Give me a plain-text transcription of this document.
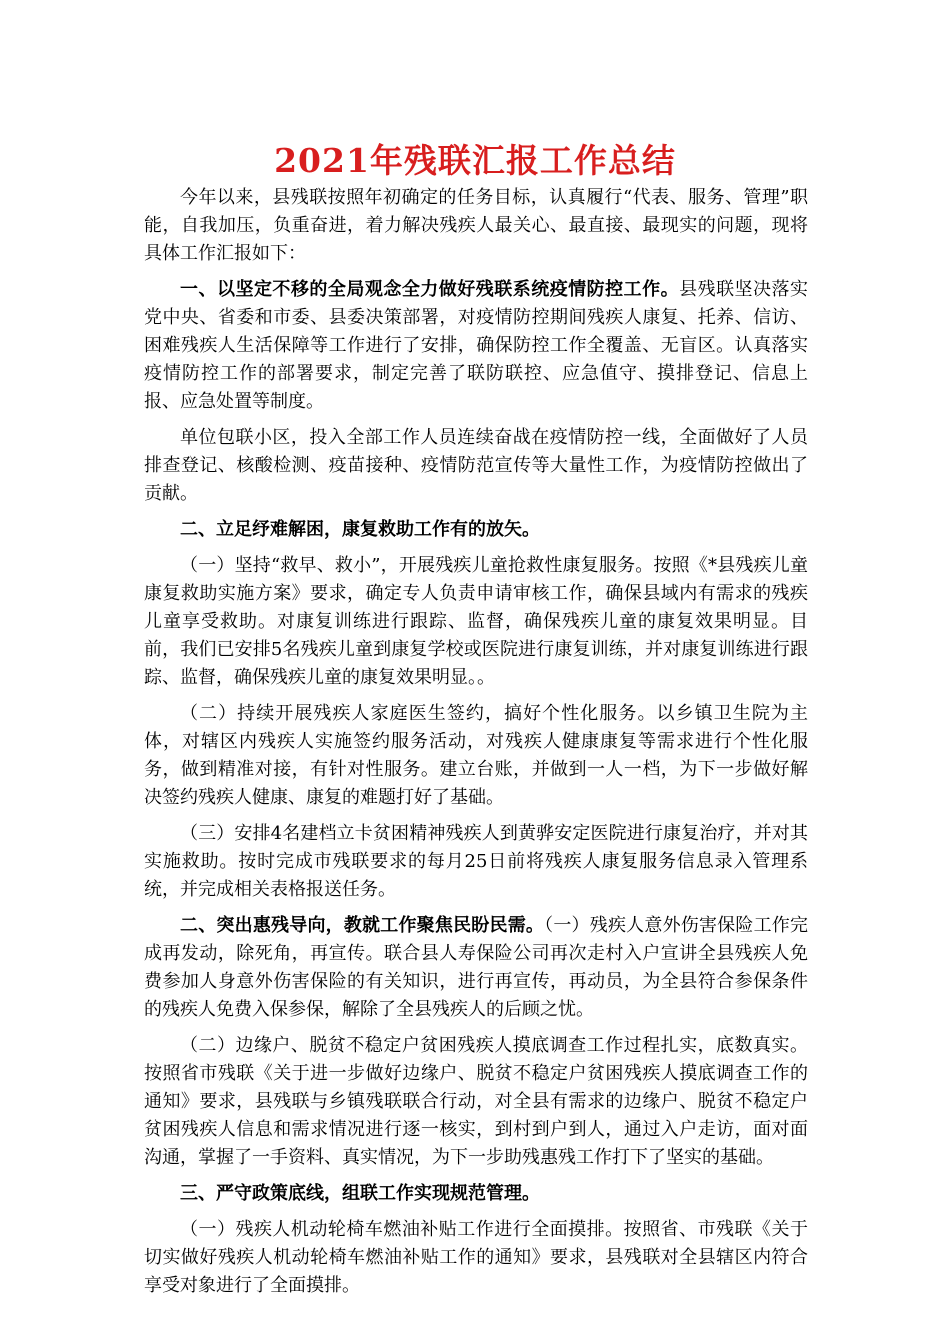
2021年残联汇报工作总结

今年以来，县残联按照年初确定的任务目标，认真履行“代表、服务、管理”职能，自我加压，负重奋进，着力解决残疾人最关心、最直接、最现实的问题，现将具体工作汇报如下：

一、以坚定不移的全局观念全力做好残联系统疫情防控工作。县残联坚决落实党中央、省委和市委、县委决策部署，对疫情防控期间残疾人康复、托养、信访、困难残疾人生活保障等工作进行了安排，确保防控工作全覆盖、无盲区。认真落实疫情防控工作的部署要求，制定完善了联防联控、应急值守、摸排登记、信息上报、应急处置等制度。

单位包联小区，投入全部工作人员连续奋战在疫情防控一线，全面做好了人员排查登记、核酸检测、疫苗接种、疫情防范宣传等大量性工作，为疫情防控做出了贡献。

二、立足纾难解困，康复救助工作有的放矢。

（一）坚持“救早、救小”，开展残疾儿童抢救性康复服务。按照《*县残疾儿童康复救助实施方案》要求，确定专人负责申请审核工作，确保县域内有需求的残疾儿童享受救助。对康复训练进行跟踪、监督，确保残疾儿童的康复效果明显。目前，我们已安排5名残疾儿童到康复学校或医院进行康复训练，并对康复训练进行跟踪、监督，确保残疾儿童的康复效果明显。。

（二）持续开展残疾人家庭医生签约，搞好个性化服务。以乡镇卫生院为主体，对辖区内残疾人实施签约服务活动，对残疾人健康康复等需求进行个性化服务，做到精准对接，有针对性服务。建立台账，并做到一人一档，为下一步做好解决签约残疾人健康、康复的难题打好了基础。

（三）安排4名建档立卡贫困精神残疾人到黄骅安定医院进行康复治疗，并对其实施救助。按时完成市残联要求的每月25日前将残疾人康复服务信息录入管理系统，并完成相关表格报送任务。

二、突出惠残导向，教就工作聚焦民盼民需。（一）残疾人意外伤害保险工作完成再发动，除死角，再宣传。联合县人寿保险公司再次走村入户宣讲全县残疾人免费参加人身意外伤害保险的有关知识，进行再宣传，再动员，为全县符合参保条件的残疾人免费入保参保，解除了全县残疾人的后顾之忧。

（二）边缘户、脱贫不稳定户贫困残疾人摸底调查工作过程扎实，底数真实。按照省市残联《关于进一步做好边缘户、脱贫不稳定户贫困残疾人摸底调查工作的通知》要求，县残联与乡镇残联联合行动，对全县有需求的边缘户、脱贫不稳定户贫困残疾人信息和需求情况进行逐一核实，到村到户到人，通过入户走访，面对面沟通，掌握了一手资料、真实情况，为下一步助残惠残工作打下了坚实的基础。

三、严守政策底线，组联工作实现规范管理。

（一）残疾人机动轮椅车燃油补贴工作进行全面摸排。按照省、市残联《关于切实做好残疾人机动轮椅车燃油补贴工作的通知》要求，县残联对全县辖区内符合享受对象进行了全面摸排。
